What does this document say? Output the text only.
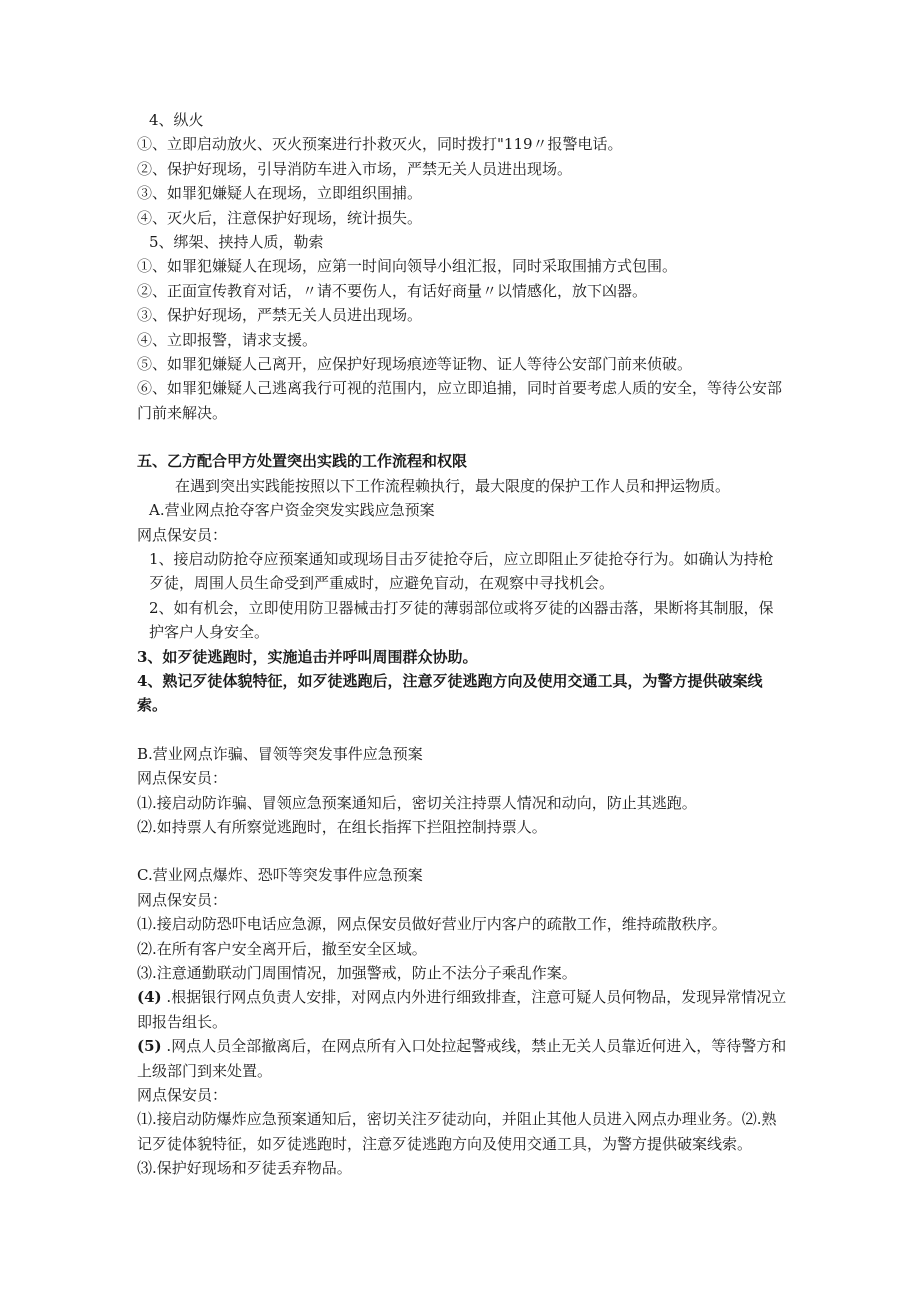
4、纵火
①、立即启动放火、灭火预案进行扑救灭火，同时拨打"119〃报警电话。
②、保护好现场，引导消防车进入市场，严禁无关人员进出现场。
③、如罪犯嫌疑人在现场，立即组织围捕。
④、灭火后，注意保护好现场，统计损失。
5、绑架、挟持人质，勒索
①、如罪犯嫌疑人在现场，应第一时间向领导小组汇报，同时采取围捕方式包围。
②、正面宣传教育对话，〃请不要伤人，有话好商量〃以情感化，放下凶器。
③、保护好现场，严禁无关人员进出现场。
④、立即报警，请求支援。
⑤、如罪犯嫌疑人己离开，应保护好现场痕迹等证物、证人等待公安部门前来侦破。
⑥、如罪犯嫌疑人己逃离我行可视的范围内，应立即追捕，同时首要考虑人质的安全，等待公安部门前来解决。
五、乙方配合甲方处置突出实践的工作流程和权限
在遇到突出实践能按照以下工作流程赖执行，最大限度的保护工作人员和押运物质。
A.营业网点抢夺客户资金突发实践应急预案
网点保安员：
1、接启动防抢夺应预案通知或现场目击歹徒抢夺后，应立即阻止歹徒抢夺行为。如确认为持枪歹徒，周围人员生命受到严重威时，应避免盲动，在观察中寻找机会。
2、如有机会，立即使用防卫器械击打歹徒的薄弱部位或将歹徒的凶器击落，果断将其制服，保护客户人身安全。
3、如歹徒逃跑时，实施追击并呼叫周围群众协助。
4、熟记歹徒体貌特征，如歹徒逃跑后，注意歹徒逃跑方向及使用交通工具，为警方提供破案线索。
B.营业网点诈骗、冒领等突发事件应急预案
网点保安员：
⑴.接启动防诈骗、冒领应急预案通知后，密切关注持票人情况和动向，防止其逃跑。
⑵.如持票人有所察觉逃跑时，在组长指挥下拦阻控制持票人。
C.营业网点爆炸、恐吓等突发事件应急预案
网点保安员：
⑴.接启动防恐吓电话应急源，网点保安员做好营业厅内客户的疏散工作，维持疏散秩序。
⑵.在所有客户安全离开后，撤至安全区域。
⑶.注意通勤联动门周围情况，加强警戒，防止不法分子乘乱作案。
(4) .根据银行网点负责人安排，对网点内外进行细致排查，注意可疑人员何物品，发现异常情况立即报告组长。
(5) .网点人员全部撤离后，在网点所有入口处拉起警戒线，禁止无关人员靠近何进入，等待警方和上级部门到来处置。
网点保安员：
⑴.接启动防爆炸应急预案通知后，密切关注歹徒动向，并阻止其他人员进入网点办理业务。⑵.熟记歹徒体貌特征，如歹徒逃跑时，注意歹徒逃跑方向及使用交通工具，为警方提供破案线索。
⑶.保护好现场和歹徒丢弃物品。
